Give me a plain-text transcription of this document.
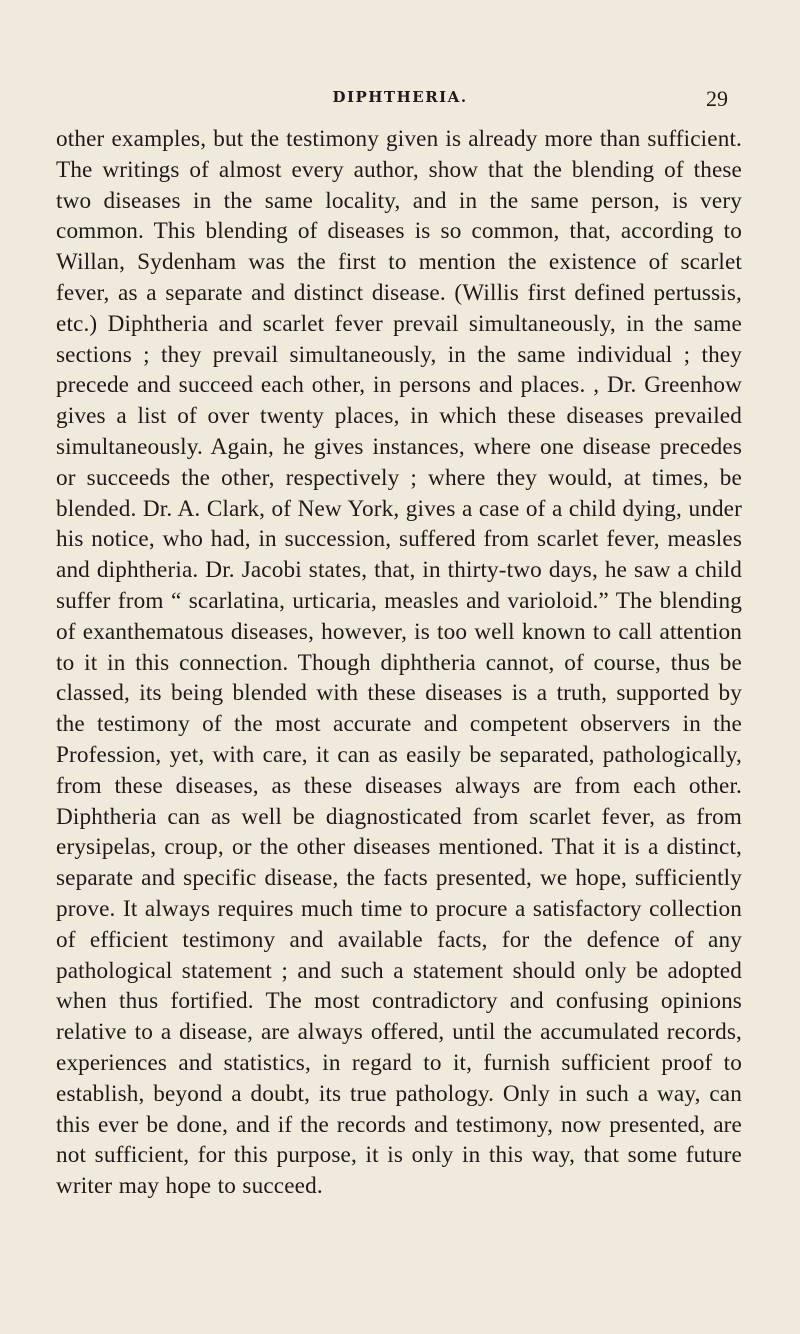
DIPHTHERIA.	29

other examples, but the testimony given is already more than sufficient. The writings of almost every author, show that the blending of these two diseases in the same locality, and in the same person, is very common. This blending of diseases is so common, that, according to Willan, Sydenham was the first to mention the existence of scarlet fever, as a separate and distinct disease. (Willis first defined pertussis, etc.) Diphtheria and scarlet fever prevail simultaneously, in the same sections ; they prevail simultaneously, in the same individual ; they precede and succeed each other, in persons and places. , Dr. Greenhow gives a list of over twenty places, in which these diseases prevailed simultaneously. Again, he gives instances, where one disease precedes or succeeds the other, respectively ; where they would, at times, be blended. Dr. A. Clark, of New York, gives a case of a child dying, under his notice, who had, in succession, suffered from scarlet fever, measles and diphtheria. Dr. Jacobi states, that, in thirty-two days, he saw a child suffer from “ scarlatina, urticaria, measles and varioloid.” The blending of exanthematous diseases, however, is too well known to call attention to it in this connection. Though diphtheria cannot, of course, thus be classed, its being blended with these diseases is a truth, supported by the testimony of the most accurate and competent observers in the Profession, yet, with care, it can as easily be separated, pathologically, from these diseases, as these diseases always are from each other. Diphtheria can as well be diagnosticated from scarlet fever, as from erysipelas, croup, or the other diseases mentioned. That it is a distinct, separate and specific disease, the facts presented, we hope, sufficiently prove. It always requires much time to procure a satisfactory collection of efficient testimony and available facts, for the defence of any pathological statement ; and such a statement should only be adopted when thus fortified. The most contradictory and confusing opinions relative to a disease, are always offered, until the accumulated records, experiences and statistics, in regard to it, furnish sufficient proof to establish, beyond a doubt, its true pathology. Only in such a way, can this ever be done, and if the records and testimony, now presented, are not sufficient, for this purpose, it is only in this way, that some future writer may hope to succeed.
